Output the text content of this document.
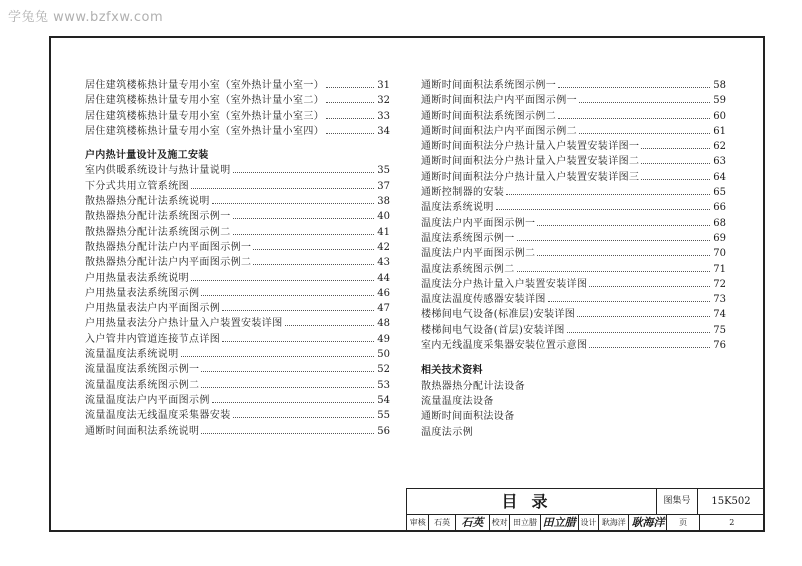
学兔兔 www.bzfxw.com
居住建筑楼栋热计量专用小室（室外热计量小室一）	31
居住建筑楼栋热计量专用小室（室外热计量小室二）	32
居住建筑楼栋热计量专用小室（室外热计量小室三）	33
居住建筑楼栋热计量专用小室（室外热计量小室四）	34
户内热计量设计及施工安装
室内供暖系统设计与热计量说明	35
下分式共用立管系统图	37
散热器热分配计法系统说明	38
散热器热分配计法系统图示例一	40
散热器热分配计法系统图示例二	41
散热器热分配计法户内平面图示例一	42
散热器热分配计法户内平面图示例二	43
户用热量表法系统说明	44
户用热量表法系统图示例	46
户用热量表法户内平面图示例	47
户用热量表法分户热计量入户装置安装详图	48
入户管井内管道连接节点详图	49
流量温度法系统说明	50
流量温度法系统图示例一	52
流量温度法系统图示例二	53
流量温度法户内平面图示例	54
流量温度法无线温度采集器安装	55
通断时间面积法系统说明	56
通断时间面积法系统图示例一	58
通断时间面积法户内平面图示例一	59
通断时间面积法系统图示例二	60
通断时间面积法户内平面图示例二	61
通断时间面积法分户热计量入户装置安装详图一	62
通断时间面积法分户热计量入户装置安装详图二	63
通断时间面积法分户热计量入户装置安装详图三	64
通断控制器的安装	65
温度法系统说明	66
温度法户内平面图示例一	68
温度法系统图示例一	69
温度法户内平面图示例二	70
温度法系统图示例二	71
温度法分户热计量入户装置安装详图	72
温度法温度传感器安装详图	73
楼梯间电气设备(标准层)安装详图	74
楼梯间电气设备(首层)安装详图	75
室内无线温度采集器安装位置示意图	76
相关技术资料
散热器热分配计法设备
流量温度法设备
通断时间面积法设备
温度法示例
目录	图集号	15K502
审核	石英	石英	校对 田立腊 田立腊 设计 耿海洋 耿海洋	页	2
